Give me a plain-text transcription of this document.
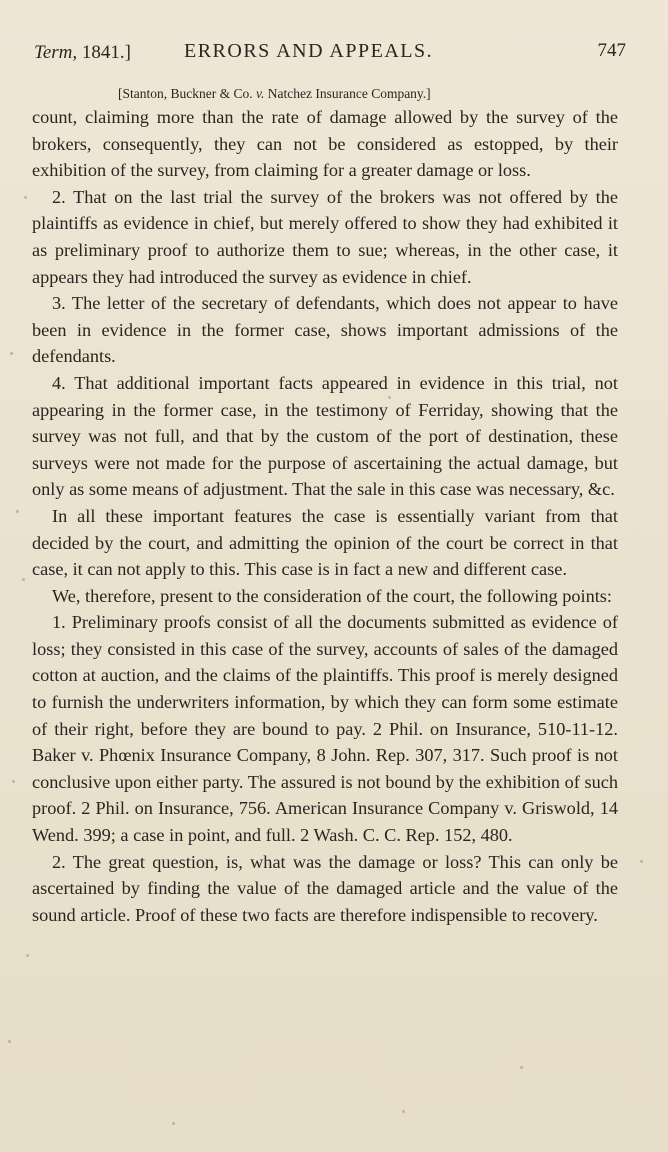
Term, 1841.]	ERRORS AND APPEALS.	747
[Stanton, Buckner & Co. v. Natchez Insurance Company.]

count, claiming more than the rate of damage allowed by the survey of the brokers, consequently, they can not be considered as estopped, by their exhibition of the survey, from claiming for a greater damage or loss.

2. That on the last trial the survey of the brokers was not offered by the plaintiffs as evidence in chief, but merely offered to show they had exhibited it as preliminary proof to authorize them to sue; whereas, in the other case, it appears they had introduced the survey as evidence in chief.

3. The letter of the secretary of defendants, which does not appear to have been in evidence in the former case, shows important admissions of the defendants.

4. That additional important facts appeared in evidence in this trial, not appearing in the former case, in the testimony of Ferriday, showing that the survey was not full, and that by the custom of the port of destination, these surveys were not made for the purpose of ascertaining the actual damage, but only as some means of adjustment. That the sale in this case was necessary, &c.

In all these important features the case is essentially variant from that decided by the court, and admitting the opinion of the court be correct in that case, it can not apply to this. This case is in fact a new and different case.

We, therefore, present to the consideration of the court, the following points:

1. Preliminary proofs consist of all the documents submitted as evidence of loss; they consisted in this case of the survey, accounts of sales of the damaged cotton at auction, and the claims of the plaintiffs. This proof is merely designed to furnish the underwriters information, by which they can form some estimate of their right, before they are bound to pay. 2 Phil. on Insurance, 510-11-12. Baker v. Phœnix Insurance Company, 8 John. Rep. 307, 317. Such proof is not conclusive upon either party. The assured is not bound by the exhibition of such proof. 2 Phil. on Insurance, 756. American Insurance Company v. Griswold, 14 Wend. 399; a case in point, and full. 2 Wash. C. C. Rep. 152, 480.

2. The great question, is, what was the damage or loss? This can only be ascertained by finding the value of the damaged article and the value of the sound article. Proof of these two facts are therefore indispensible to recovery.
